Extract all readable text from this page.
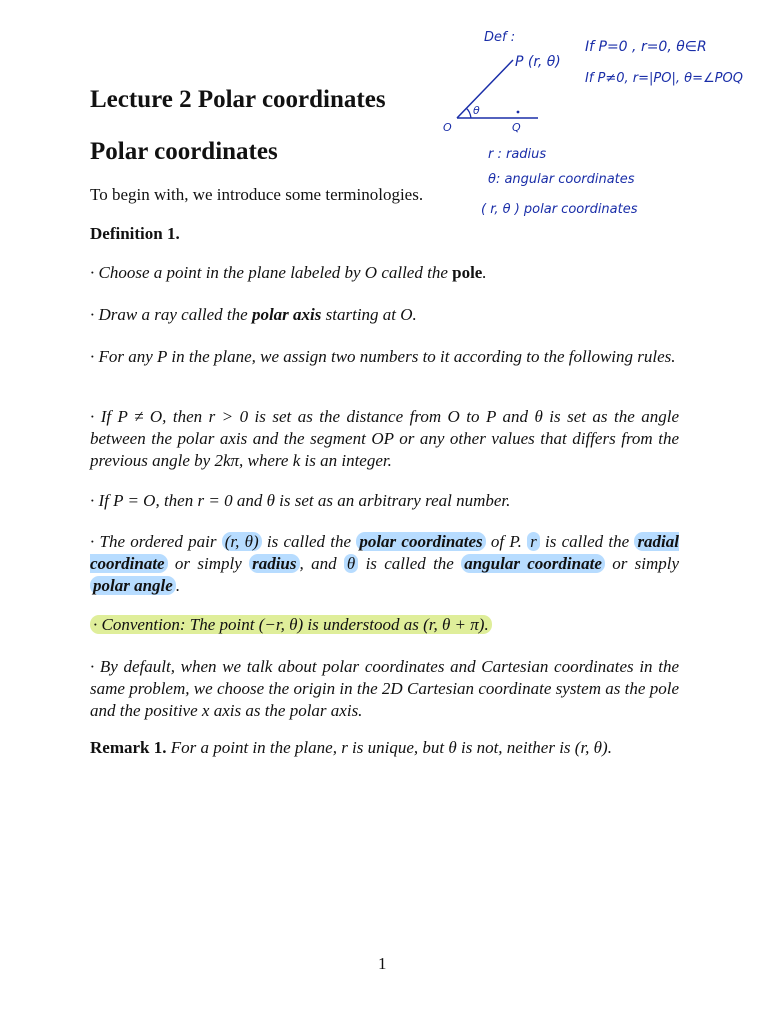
Lecture 2 Polar coordinates
Polar coordinates

To begin with, we introduce some terminologies.

Definition 1.

· Choose a point in the plane labeled by O called the pole.

· Draw a ray called the polar axis starting at O.

· For any P in the plane, we assign two numbers to it according to the following rules.

· If P ≠ O, then r > 0 is set as the distance from O to P and θ is set as the angle between the polar axis and the segment OP or any other values that differs from the previous angle by 2kπ, where k is an integer.

· If P = O, then r = 0 and θ is set as an arbitrary real number.

· The ordered pair (r, θ) is called the polar coordinates of P. r is called the radial coordinate or simply radius , and θ is called the angular coordinate or simply polar angle .

· Convention: The point (−r, θ) is understood as (r, θ + π).

· By default, when we talk about polar coordinates and Cartesian coordinates in the same problem, we choose the origin in the 2D Cartesian coordinate system as the pole and the positive x axis as the polar axis.

Remark 1. For a point in the plane, r is unique, but θ is not, neither is (r, θ).

1
Def :
P (r, θ)
θ
O	Q
If P=0 , r=0, θ∈R
If P≠0, r=|PO|, θ=∠POQ
r : radius
θ: angular coordinates
( r, θ ) polar coordinates
